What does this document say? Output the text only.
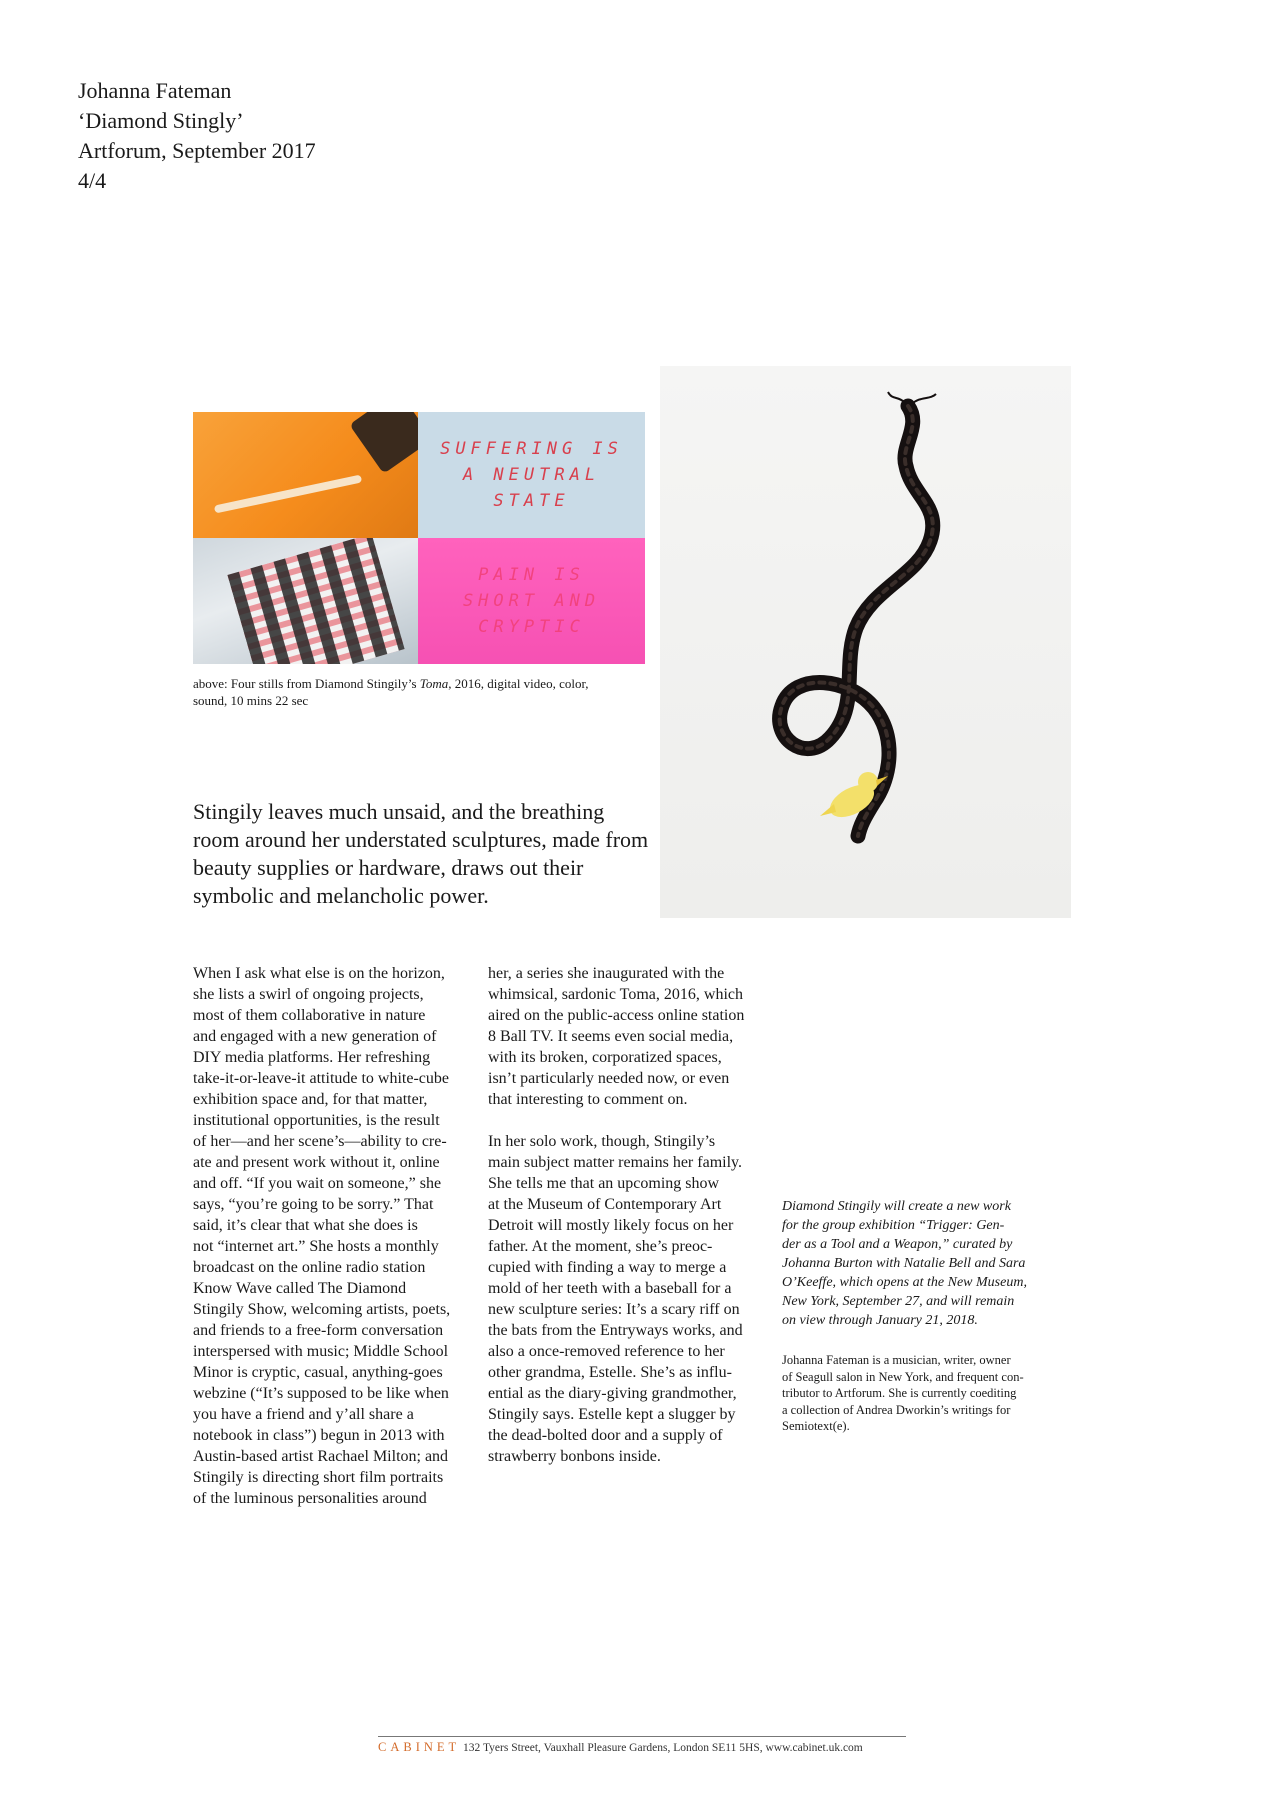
Johanna Fateman
‘Diamond Stingly’
Artforum, September 2017
4/4
SUFFERING IS
A NEUTRAL
STATE
PAIN IS
SHORT AND
CRYPTIC
above: Four stills from Diamond Stingily’s Toma, 2016, digital video, color,
sound, 10 mins 22 sec
Stingily leaves much unsaid, and the breathing room around her understated sculptures, made from beauty supplies or hardware, draws out their symbolic and melancholic power.

When I ask what else is on the horizon,
she lists a swirl of ongoing projects,
most of them collaborative in nature
and engaged with a new generation of
DIY media platforms. Her refreshing
take-it-or-leave-it attitude to white-cube
exhibition space and, for that matter,
institutional opportunities, is the result
of her—and her scene’s—ability to cre-
ate and present work without it, online
and off. “If you wait on someone,” she
says, “you’re going to be sorry.” That
said, it’s clear that what she does is
not “internet art.” She hosts a monthly
broadcast on the online radio station
Know Wave called The Diamond
Stingily Show, welcoming artists, poets,
and friends to a free-form conversation
interspersed with music; Middle School
Minor is cryptic, casual, anything-goes
webzine (“It’s supposed to be like when
you have a friend and y’all share a
notebook in class”) begun in 2013 with
Austin-based artist Rachael Milton; and
Stingily is directing short film portraits
of the luminous personalities around

her, a series she inaugurated with the
whimsical, sardonic Toma, 2016, which
aired on the public-access online station
8 Ball TV. It seems even social media,
with its broken, corporatized spaces,
isn’t particularly needed now, or even
that interesting to comment on.

In her solo work, though, Stingily’s
main subject matter remains her family.
She tells me that an upcoming show
at the Museum of Contemporary Art
Detroit will mostly likely focus on her
father. At the moment, she’s preoc-
cupied with finding a way to merge a
mold of her teeth with a baseball for a
new sculpture series: It’s a scary riff on
the bats from the Entryways works, and
also a once-removed reference to her
other grandma, Estelle. She’s as influ-
ential as the diary-giving grandmother,
Stingily says. Estelle kept a slugger by
the dead-bolted door and a supply of
strawberry bonbons inside.

Diamond Stingily will create a new work
for the group exhibition “Trigger: Gen-
der as a Tool and a Weapon,” curated by
Johanna Burton with Natalie Bell and Sara
O’Keeffe, which opens at the New Museum,
New York, September 27, and will remain
on view through January 21, 2018.

Johanna Fateman is a musician, writer, owner
of Seagull salon in New York, and frequent con-
tributor to Artforum. She is currently coediting
a collection of Andrea Dworkin’s writings for
Semiotext(e).

CABINET 132 Tyers Street, Vauxhall Pleasure Gardens, London SE11 5HS, www.cabinet.uk.com
